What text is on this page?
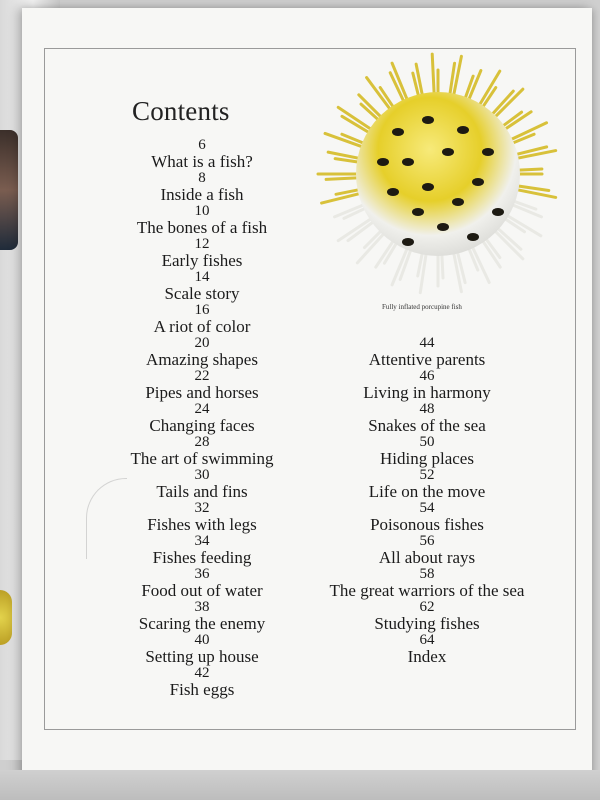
Contents
6
What is a fish?
8
Inside a fish
10
The bones of a fish
12
Early fishes
14
Scale story
16
A riot of color
20
Amazing shapes
22
Pipes and horses
24
Changing faces
28
The art of swimming
30
Tails and fins
32
Fishes with legs
34
Fishes feeding
36
Food out of water
38
Scaring the enemy
40
Setting up house
42
Fish eggs
44
Attentive parents
46
Living in harmony
48
Snakes of the sea
50
Hiding places
52
Life on the move
54
Poisonous fishes
56
All about rays
58
The great warriors of the sea
62
Studying fishes
64
Index
Fully inflated porcupine fish
